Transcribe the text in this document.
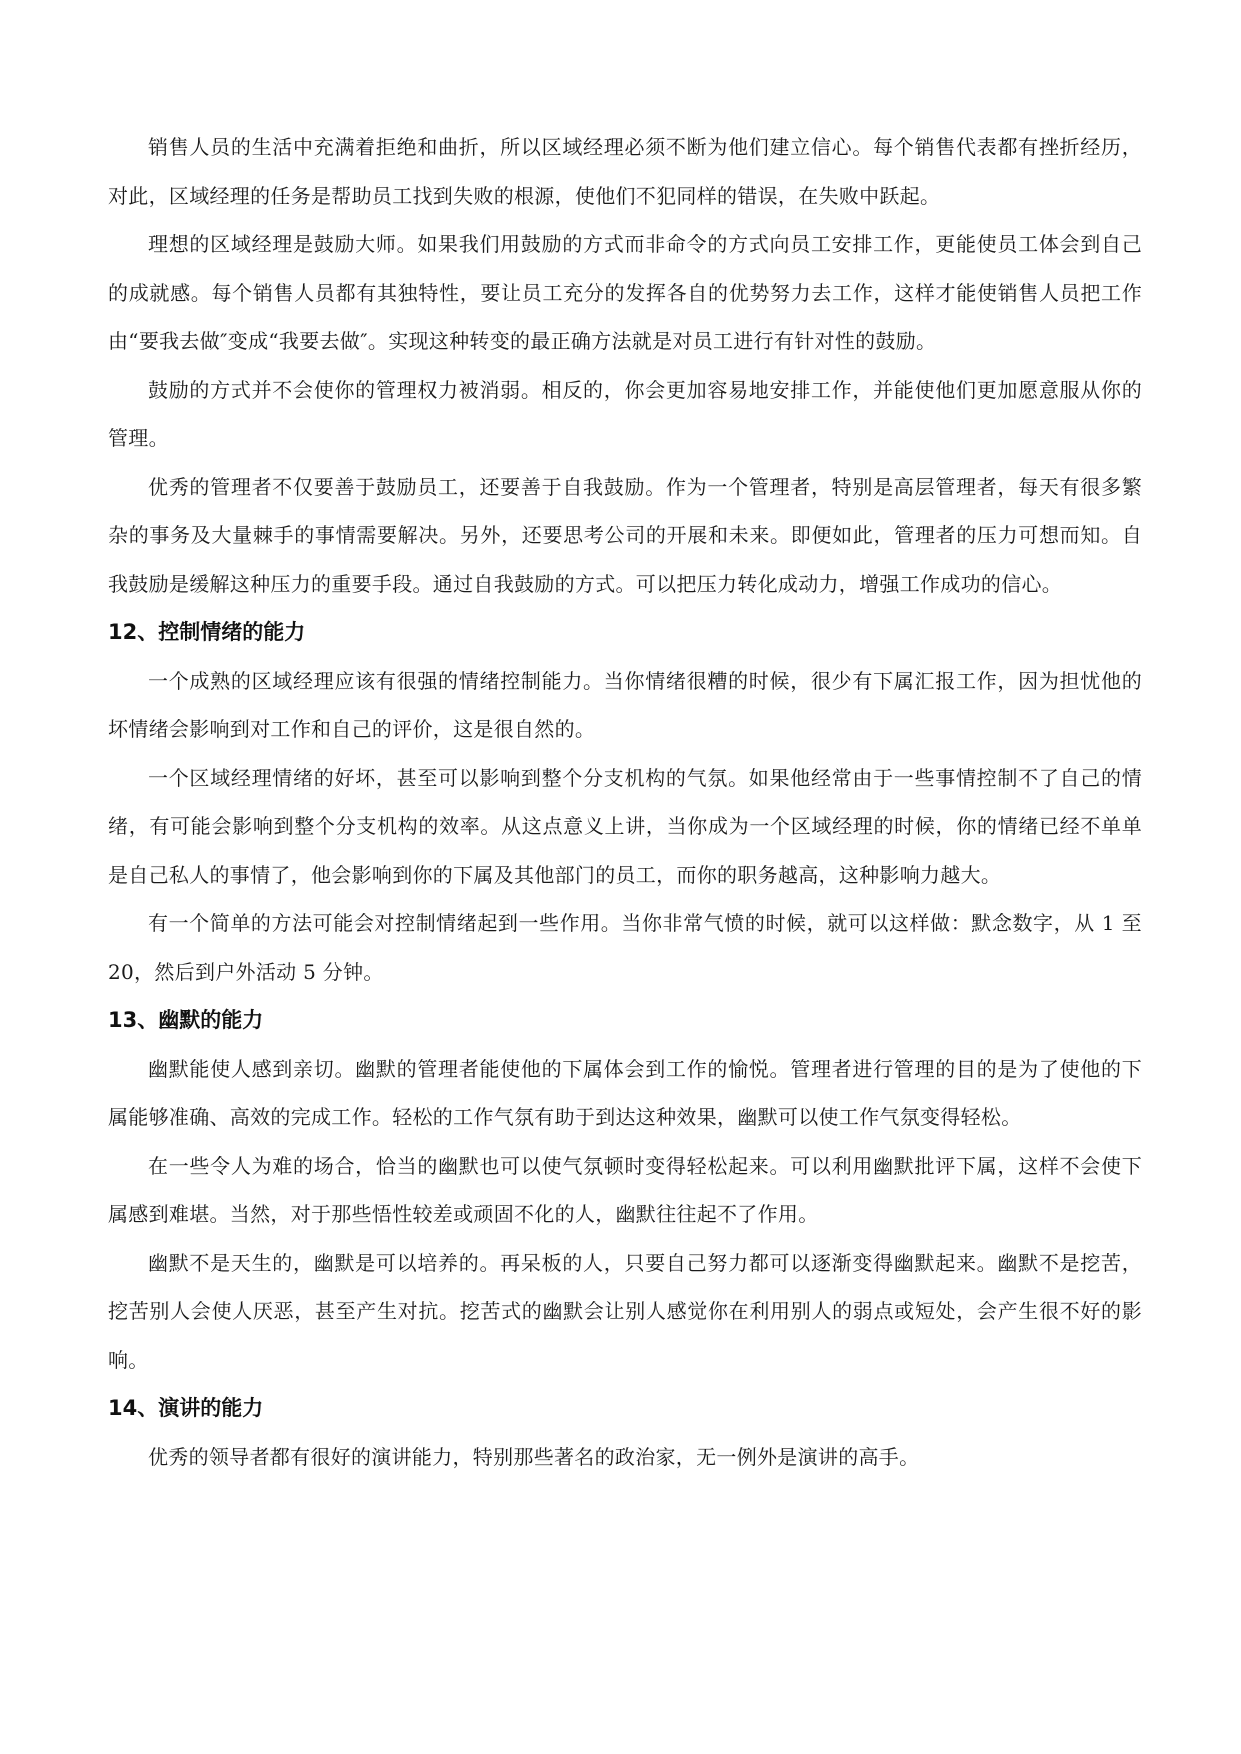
销售人员的生活中充满着拒绝和曲折，所以区域经理必须不断为他们建立信心。每个销售代表都有挫折经历，对此，区域经理的任务是帮助员工找到失败的根源，使他们不犯同样的错误，在失败中跃起。

理想的区域经理是鼓励大师。如果我们用鼓励的方式而非命令的方式向员工安排工作，更能使员工体会到自己的成就感。每个销售人员都有其独特性，要让员工充分的发挥各自的优势努力去工作，这样才能使销售人员把工作由“要我去做″变成“我要去做″。实现这种转变的最正确方法就是对员工进行有针对性的鼓励。

鼓励的方式并不会使你的管理权力被消弱。相反的，你会更加容易地安排工作，并能使他们更加愿意服从你的管理。

优秀的管理者不仅要善于鼓励员工，还要善于自我鼓励。作为一个管理者，特别是高层管理者，每天有很多繁杂的事务及大量棘手的事情需要解决。另外，还要思考公司的开展和未来。即便如此，管理者的压力可想而知。自我鼓励是缓解这种压力的重要手段。通过自我鼓励的方式。可以把压力转化成动力，增强工作成功的信心。

12、控制情绪的能力

一个成熟的区域经理应该有很强的情绪控制能力。当你情绪很糟的时候，很少有下属汇报工作，因为担忧他的坏情绪会影响到对工作和自己的评价，这是很自然的。

一个区域经理情绪的好坏，甚至可以影响到整个分支机构的气氛。如果他经常由于一些事情控制不了自己的情绪，有可能会影响到整个分支机构的效率。从这点意义上讲，当你成为一个区域经理的时候，你的情绪已经不单单是自己私人的事情了，他会影响到你的下属及其他部门的员工，而你的职务越高，这种影响力越大。

有一个简单的方法可能会对控制情绪起到一些作用。当你非常气愤的时候，就可以这样做：默念数字，从 1 至 20，然后到户外活动 5 分钟。

13、幽默的能力

幽默能使人感到亲切。幽默的管理者能使他的下属体会到工作的愉悦。管理者进行管理的目的是为了使他的下属能够准确、高效的完成工作。轻松的工作气氛有助于到达这种效果，幽默可以使工作气氛变得轻松。

在一些令人为难的场合，恰当的幽默也可以使气氛顿时变得轻松起来。可以利用幽默批评下属，这样不会使下属感到难堪。当然，对于那些悟性较差或顽固不化的人，幽默往往起不了作用。

幽默不是天生的，幽默是可以培养的。再呆板的人，只要自己努力都可以逐渐变得幽默起来。幽默不是挖苦，挖苦别人会使人厌恶，甚至产生对抗。挖苦式的幽默会让别人感觉你在利用别人的弱点或短处，会产生很不好的影响。

14、演讲的能力

优秀的领导者都有很好的演讲能力，特别那些著名的政治家，无一例外是演讲的高手。
